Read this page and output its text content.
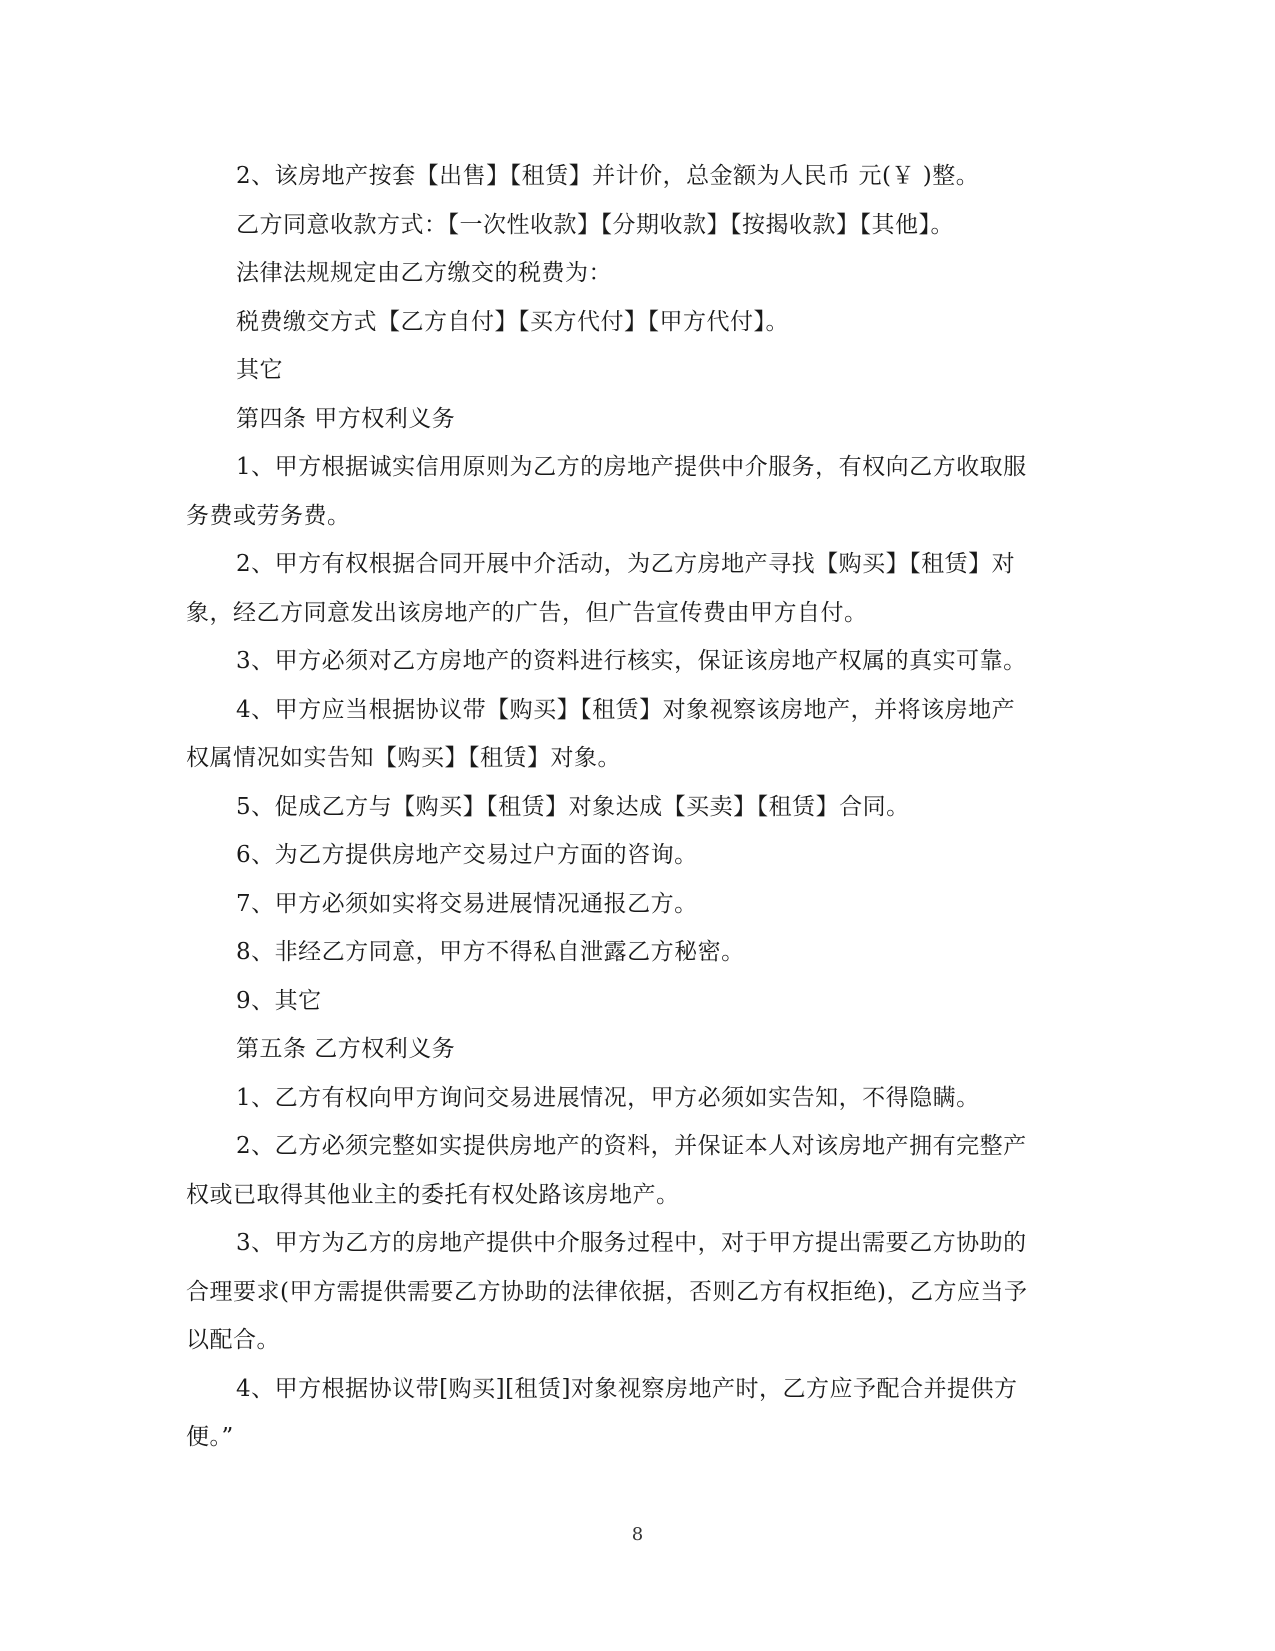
2、该房地产按套【出售】【租赁】并计价，总金额为人民币 元(￥ )整。

乙方同意收款方式：【一次性收款】【分期收款】【按揭收款】【其他】。

法律法规规定由乙方缴交的税费为：

税费缴交方式【乙方自付】【买方代付】【甲方代付】。

其它

第四条 甲方权利义务

1、甲方根据诚实信用原则为乙方的房地产提供中介服务，有权向乙方收取服

务费或劳务费。

2、甲方有权根据合同开展中介活动，为乙方房地产寻找【购买】【租赁】对

象，经乙方同意发出该房地产的广告，但广告宣传费由甲方自付。

3、甲方必须对乙方房地产的资料进行核实，保证该房地产权属的真实可靠。

4、甲方应当根据协议带【购买】【租赁】对象视察该房地产，并将该房地产

权属情况如实告知【购买】【租赁】对象。

5、促成乙方与【购买】【租赁】对象达成【买卖】【租赁】合同。

6、为乙方提供房地产交易过户方面的咨询。

7、甲方必须如实将交易进展情况通报乙方。

8、非经乙方同意，甲方不得私自泄露乙方秘密。

9、其它

第五条 乙方权利义务

1、乙方有权向甲方询问交易进展情况，甲方必须如实告知，不得隐瞒。

2、乙方必须完整如实提供房地产的资料，并保证本人对该房地产拥有完整产

权或已取得其他业主的委托有权处路该房地产。

3、甲方为乙方的房地产提供中介服务过程中，对于甲方提出需要乙方协助的

合理要求(甲方需提供需要乙方协助的法律依据，否则乙方有权拒绝)，乙方应当予

以配合。

4、甲方根据协议带[购买][租赁]对象视察房地产时，乙方应予配合并提供方

便。”

8
